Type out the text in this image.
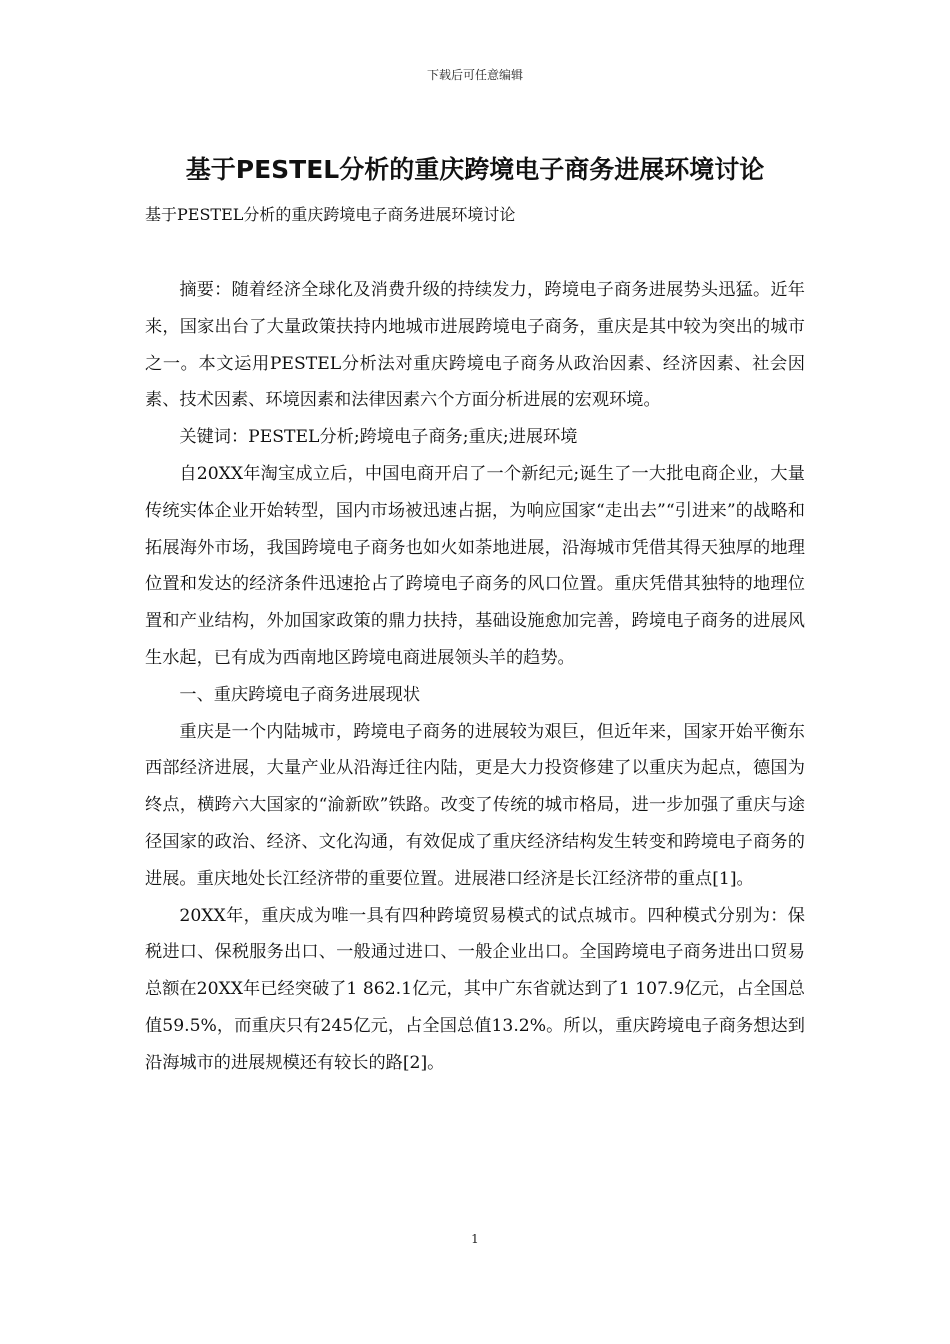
下载后可任意编辑
基于PESTEL分析的重庆跨境电子商务进展环境讨论
基于PESTEL分析的重庆跨境电子商务进展环境讨论

摘要：随着经济全球化及消费升级的持续发力，跨境电子商务进展势头迅猛。近年来，国家出台了大量政策扶持内地城市进展跨境电子商务，重庆是其中较为突出的城市之一。本文运用PESTEL分析法对重庆跨境电子商务从政治因素、经济因素、社会因素、技术因素、环境因素和法律因素六个方面分析进展的宏观环境。

关键词：PESTEL分析;跨境电子商务;重庆;进展环境

自20XX年淘宝成立后，中国电商开启了一个新纪元;诞生了一大批电商企业，大量传统实体企业开始转型，国内市场被迅速占据，为响应国家“走出去”“引进来”的战略和拓展海外市场，我国跨境电子商务也如火如荼地进展，沿海城市凭借其得天独厚的地理位置和发达的经济条件迅速抢占了跨境电子商务的风口位置。重庆凭借其独特的地理位置和产业结构，外加国家政策的鼎力扶持，基础设施愈加完善，跨境电子商务的进展风生水起，已有成为西南地区跨境电商进展领头羊的趋势。

一、重庆跨境电子商务进展现状

重庆是一个内陆城市，跨境电子商务的进展较为艰巨，但近年来，国家开始平衡东西部经济进展，大量产业从沿海迁往内陆，更是大力投资修建了以重庆为起点，德国为终点，横跨六大国家的“渝新欧”铁路。改变了传统的城市格局，进一步加强了重庆与途径国家的政治、经济、文化沟通，有效促成了重庆经济结构发生转变和跨境电子商务的进展。重庆地处长江经济带的重要位置。进展港口经济是长江经济带的重点[1]。

20XX年，重庆成为唯一具有四种跨境贸易模式的试点城市。四种模式分别为：保税进口、保税服务出口、一般通过进口、一般企业出口。全国跨境电子商务进出口贸易总额在20XX年已经突破了1 862.1亿元，其中广东省就达到了1 107.9亿元，占全国总值59.5%，而重庆只有245亿元，占全国总值13.2%。所以，重庆跨境电子商务想达到沿海城市的进展规模还有较长的路[2]。

1
